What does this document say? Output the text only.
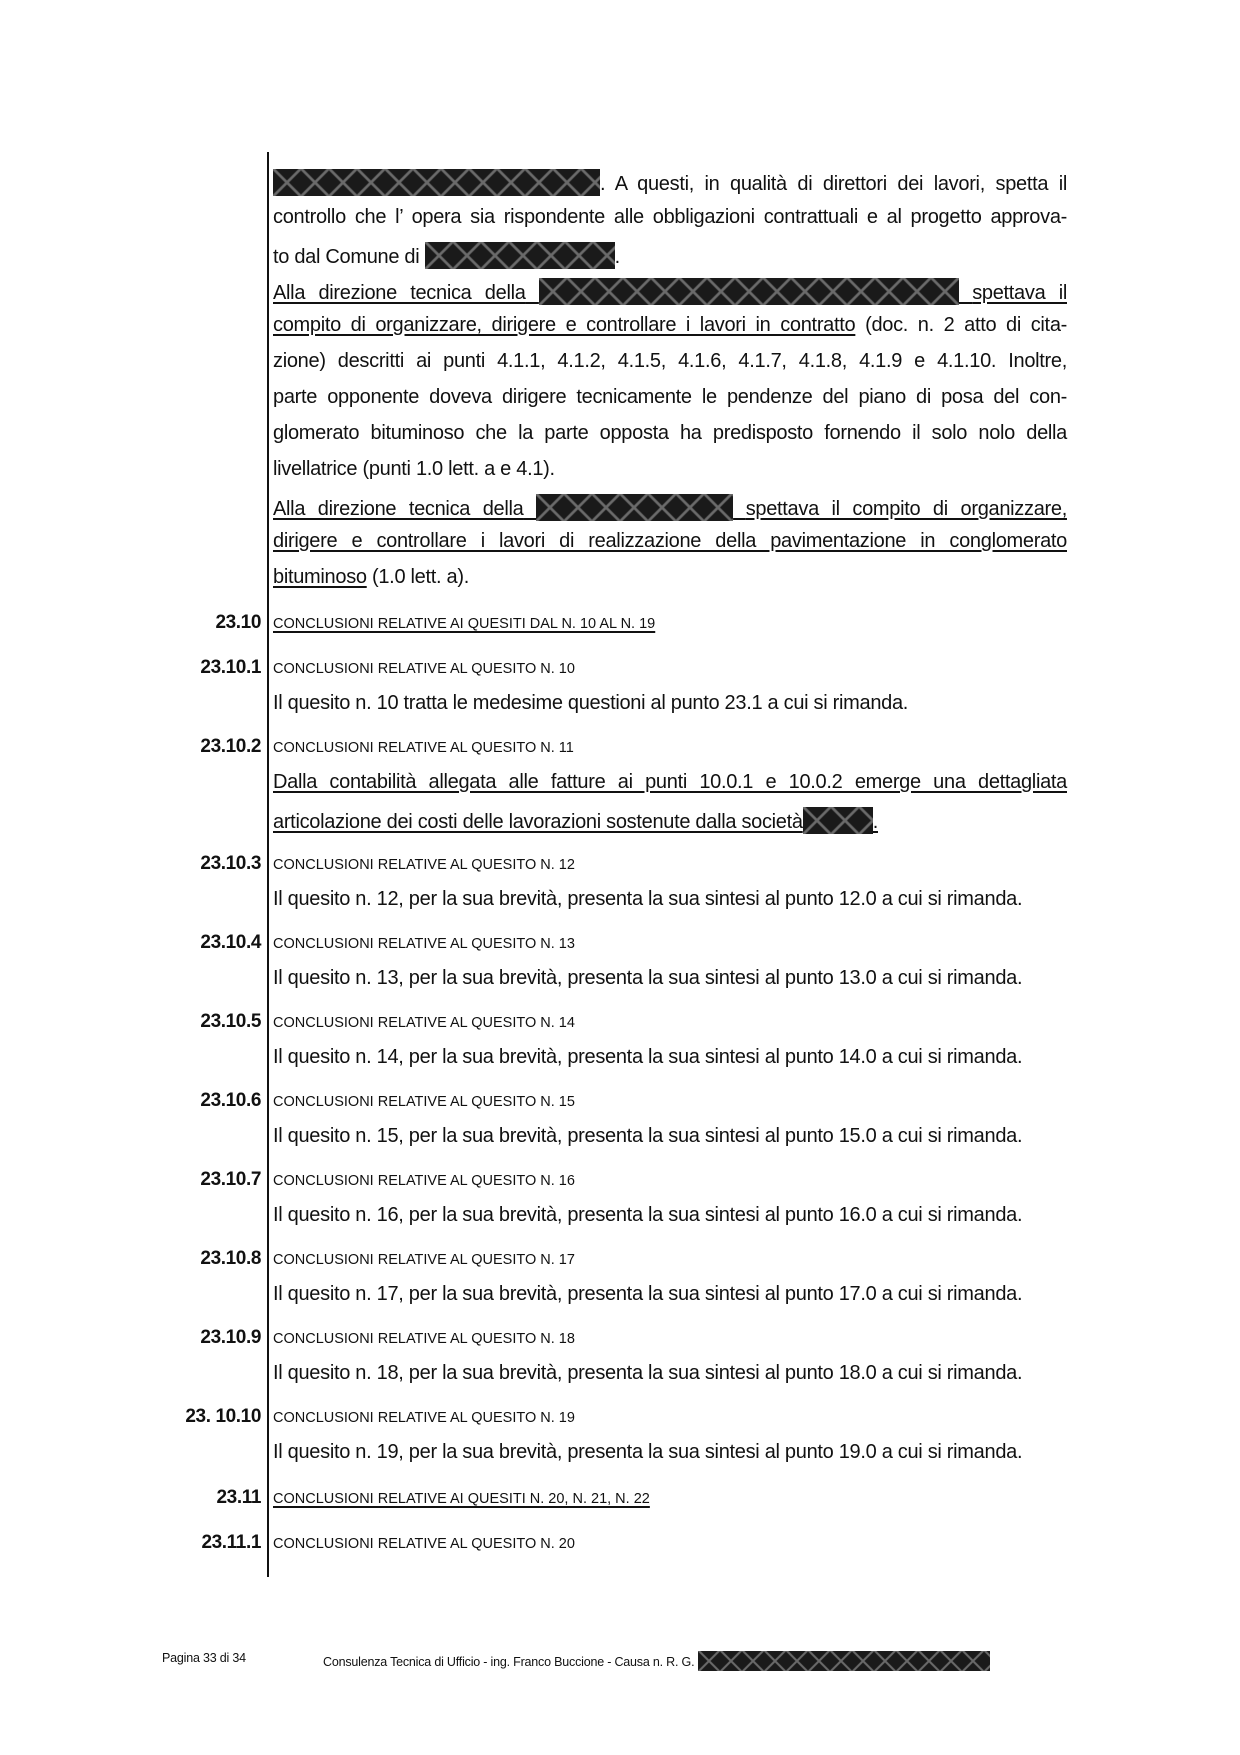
. A questi, in qualità di direttori dei lavori, spetta il
controllo che l’ opera sia rispondente alle obbligazioni contrattuali e al progetto approva-
to dal Comune di	.
Alla direzione tecnica della	spettava il
compito di organizzare, dirigere e controllare i lavori in contratto (doc. n. 2 atto di cita-
zione) descritti ai punti 4.1.1, 4.1.2, 4.1.5, 4.1.6, 4.1.7, 4.1.8, 4.1.9 e 4.1.10. Inoltre,
parte opponente doveva dirigere tecnicamente le pendenze del piano di posa del con-
glomerato bituminoso che la parte opposta ha predisposto fornendo il solo nolo della
livellatrice (punti 1.0 lett. a e 4.1).
Alla direzione tecnica della	spettava il compito di organizzare,
dirigere e controllare i lavori di realizzazione della pavimentazione in conglomerato
bituminoso (1.0 lett. a).
23.10 CONCLUSIONI RELATIVE AI QUESITI DAL N. 10 AL N. 19
23.10.1 CONCLUSIONI RELATIVE AL QUESITO N. 10
Il quesito n. 10 tratta le medesime questioni al punto 23.1 a cui si rimanda.
23.10.2 CONCLUSIONI RELATIVE AL QUESITO N. 11
Dalla contabilità allegata alle fatture ai punti 10.0.1 e 10.0.2 emerge una dettagliata
articolazione dei costi delle lavorazioni sostenute dalla società	.
23.10.3 CONCLUSIONI RELATIVE AL QUESITO N. 12
Il quesito n. 12, per la sua brevità, presenta la sua sintesi al punto 12.0 a cui si rimanda.
23.10.4 CONCLUSIONI RELATIVE AL QUESITO N. 13
Il quesito n. 13, per la sua brevità, presenta la sua sintesi al punto 13.0 a cui si rimanda.
23.10.5 CONCLUSIONI RELATIVE AL QUESITO N. 14
Il quesito n. 14, per la sua brevità, presenta la sua sintesi al punto 14.0 a cui si rimanda.
23.10.6 CONCLUSIONI RELATIVE AL QUESITO N. 15
Il quesito n. 15, per la sua brevità, presenta la sua sintesi al punto 15.0 a cui si rimanda.
23.10.7 CONCLUSIONI RELATIVE AL QUESITO N. 16
Il quesito n. 16, per la sua brevità, presenta la sua sintesi al punto 16.0 a cui si rimanda.
23.10.8 CONCLUSIONI RELATIVE AL QUESITO N. 17
Il quesito n. 17, per la sua brevità, presenta la sua sintesi al punto 17.0 a cui si rimanda.
23.10.9 CONCLUSIONI RELATIVE AL QUESITO N. 18
Il quesito n. 18, per la sua brevità, presenta la sua sintesi al punto 18.0 a cui si rimanda.
23. 10.10 CONCLUSIONI RELATIVE AL QUESITO N. 19
Il quesito n. 19, per la sua brevità, presenta la sua sintesi al punto 19.0 a cui si rimanda.
23.11 CONCLUSIONI RELATIVE AI QUESITI N. 20, N. 21, N. 22
23.11.1 CONCLUSIONI RELATIVE AL QUESITO N. 20
Pagina 33 di 34	Consulenza Tecnica di Ufficio - ing. Franco Buccione - Causa n. R. G.
